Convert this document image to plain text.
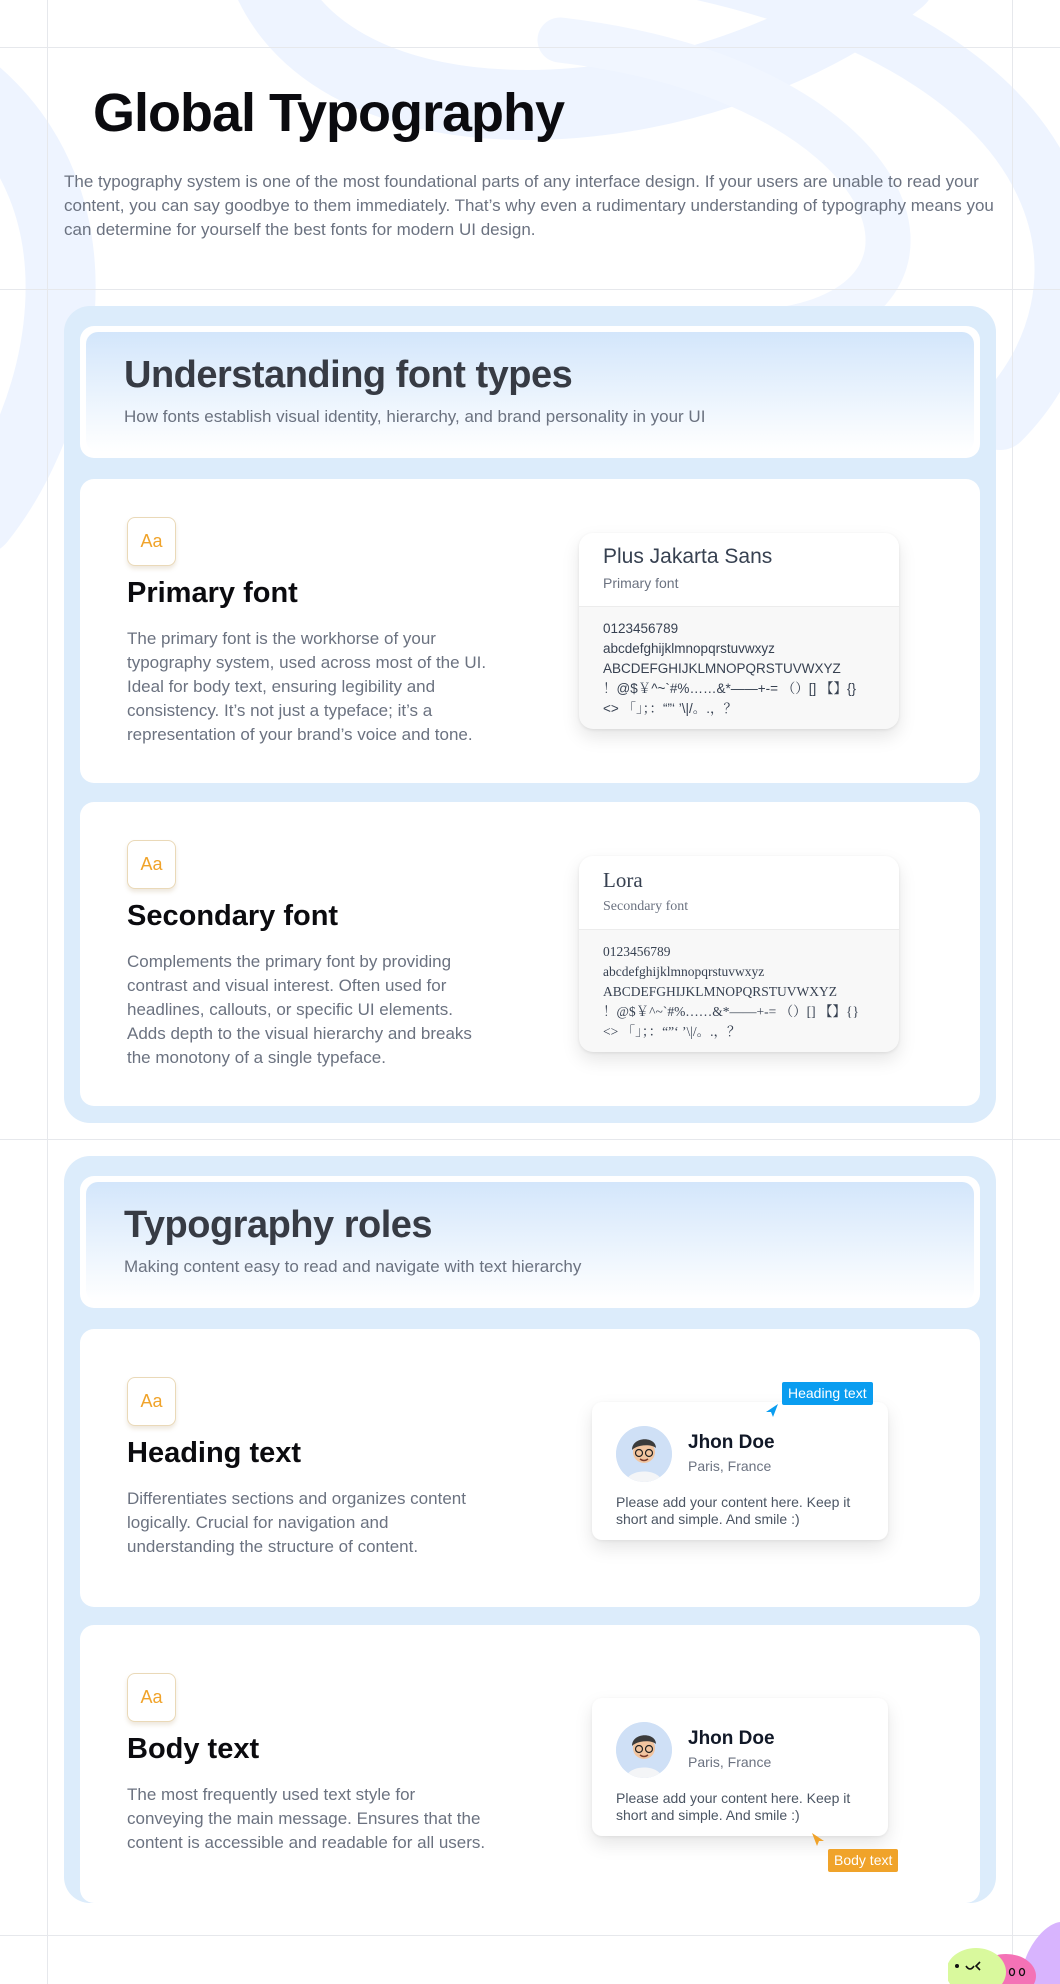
Global Typography

The typography system is one of the most foundational parts of any interface design. If your users are unable to read your content, you can say goodbye to them immediately. That’s why even a rudimentary understanding of typography means you can determine for yourself the best fonts for modern UI design.

Understanding font types

How fonts establish visual identity, hierarchy, and brand personality in your UI

Aa
Primary font

The primary font is the workhorse of your typography system, used across most of the UI. Ideal for body text, ensuring legibility and consistency. It’s not just a typeface; it’s a representation of your brand’s voice and tone.

Plus Jakarta Sans
Primary font
0123456789
abcdefghijklmnopqrstuvwxyz
ABCDEFGHIJKLMNOPQRSTUVWXYZ
！@$￥^~`#%……&*——+-= （）[] 【】{}
<> 「」；：“”‘ ’\|/。.，？
Aa
Secondary font

Complements the primary font by providing contrast and visual interest. Often used for headlines, callouts, or specific UI elements. Adds depth to the visual hierarchy and breaks the monotony of a single typeface.

Lora
Secondary font
0123456789
abcdefghijklmnopqrstuvwxyz
ABCDEFGHIJKLMNOPQRSTUVWXYZ
！@$￥^~`#%……&*——+-= （）[] 【】{}
<> 「」；：“”‘ ’\|/。.，？
Typography roles

Making content easy to read and navigate with text hierarchy

Aa
Heading text

Differentiates sections and organizes content logically. Crucial for navigation and understanding the structure of content.

Jhon Doe
Paris, France
Please add your content here. Keep it short and simple. And smile :)
Heading text
Aa
Body text

The most frequently used text style for conveying the main message. Ensures that the content is accessible and readable for all users.

Jhon Doe
Paris, France
Please add your content here. Keep it short and simple. And smile :)
Body text
